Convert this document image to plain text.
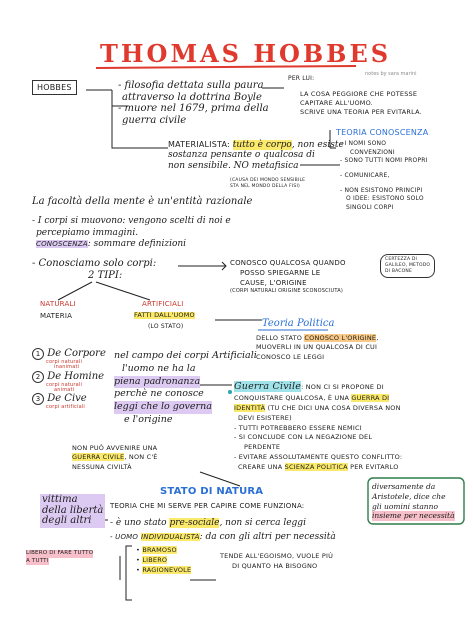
THOMAS HOBBES
notes by sara marini
HOBBES	- filosofia dettata sulla paura
attraverso la dottrina Boyle
- muore nel 1679, prima della
guerra civile
PER LUI:
LA COSA PEGGIORE CHE POTESSE
CAPITARE ALL'UOMO.
SCRIVE UNA TEORIA PER EVITARLA.
MATERIALISTA: tutto è corpo, non esiste
sostanza pensante o qualcosa di
non sensibile. NO metafisica
(CAUSA DEI MONDO SENSIBILE
STA NEL MONDO DELLA FISI)
TEORIA CONOSCENZA
- I NOMI SONO
CONVENZIONI
- SONO TUTTI NOMI PROPRI
- COMUNICARE,
- NON ESISTONO PRINCIPI
O IDEE: ESISTONO SOLO
SINGOLI CORPI
La facoltà della mente è un'entità razionale
- I corpi si muovono: vengono scelti di noi e
percepiamo immagini.
CONOSCENZA: sommare definizioni
- Conosciamo solo corpi:
2 TIPI:
NATURALI
MATERIA
ARTIFICIALI
FATTI DALL'UOMO
(LO STATO)
CONOSCO QUALCOSA QUANDO
POSSO SPIEGARNE LE
CAUSE, L'ORIGINE
(CORPI NATURALI ORIGINE SCONOSCIUTA)
CERTEZZA DI
GALILEO, METODO
DI BACONE
Teoria Politica
DELLO STATO CONOSCO L'ORIGINE,
MUOVERLI IN UN QUALCOSA DI CUI
CONOSCO LE LEGGI
1 De Corpore
corpi naturali
inanimati
2 De Homine
corpi naturali
animati
3 De Cive
corpi artificiali
nel campo dei corpi Artificiali
l'uomo ne ha la
piena padronanza
perchè ne conosce
leggi che lo governa
e l'origine
Guerra Civile: NON CI SI PROPONE DI
CONQUISTARE QUALCOSA, È UNA GUERRA DI
IDENTITÀ (TU CHE DICI UNA COSA DIVERSA NON
DEVI ESISTERE)
- TUTTI POTREBBERO ESSERE NEMICI
- SI CONCLUDE CON LA NEGAZIONE DEL
PERDENTE
- EVITARE ASSOLUTAMENTE QUESTO CONFLITTO:
CREARE UNA SCIENZA POLITICA PER EVITARLO
NON PUÒ AVVENIRE UNA
GUERRA CIVILE, NON C'È
NESSUNA CIVILTÀ
STATO DI NATURA
vittima
della libertà
degli altri
TEORIA CHE MI SERVE PER CAPIRE COME FUNZIONA:
- è uno stato pre-sociale, non si cerca leggi
- UOMO INDIVIDUALISTA: da con gli altri per necessità
• BRAMOSO
• LIBERO
• RAGIONEVOLE
LIBERO DI FARE TUTTO
A TUTTI
TENDE ALL'EGOISMO, VUOLE PIÙ
DI QUANTO HA BISOGNO
diversamente da
Aristotele, dice che
gli uomini stanno
insieme per necessità
